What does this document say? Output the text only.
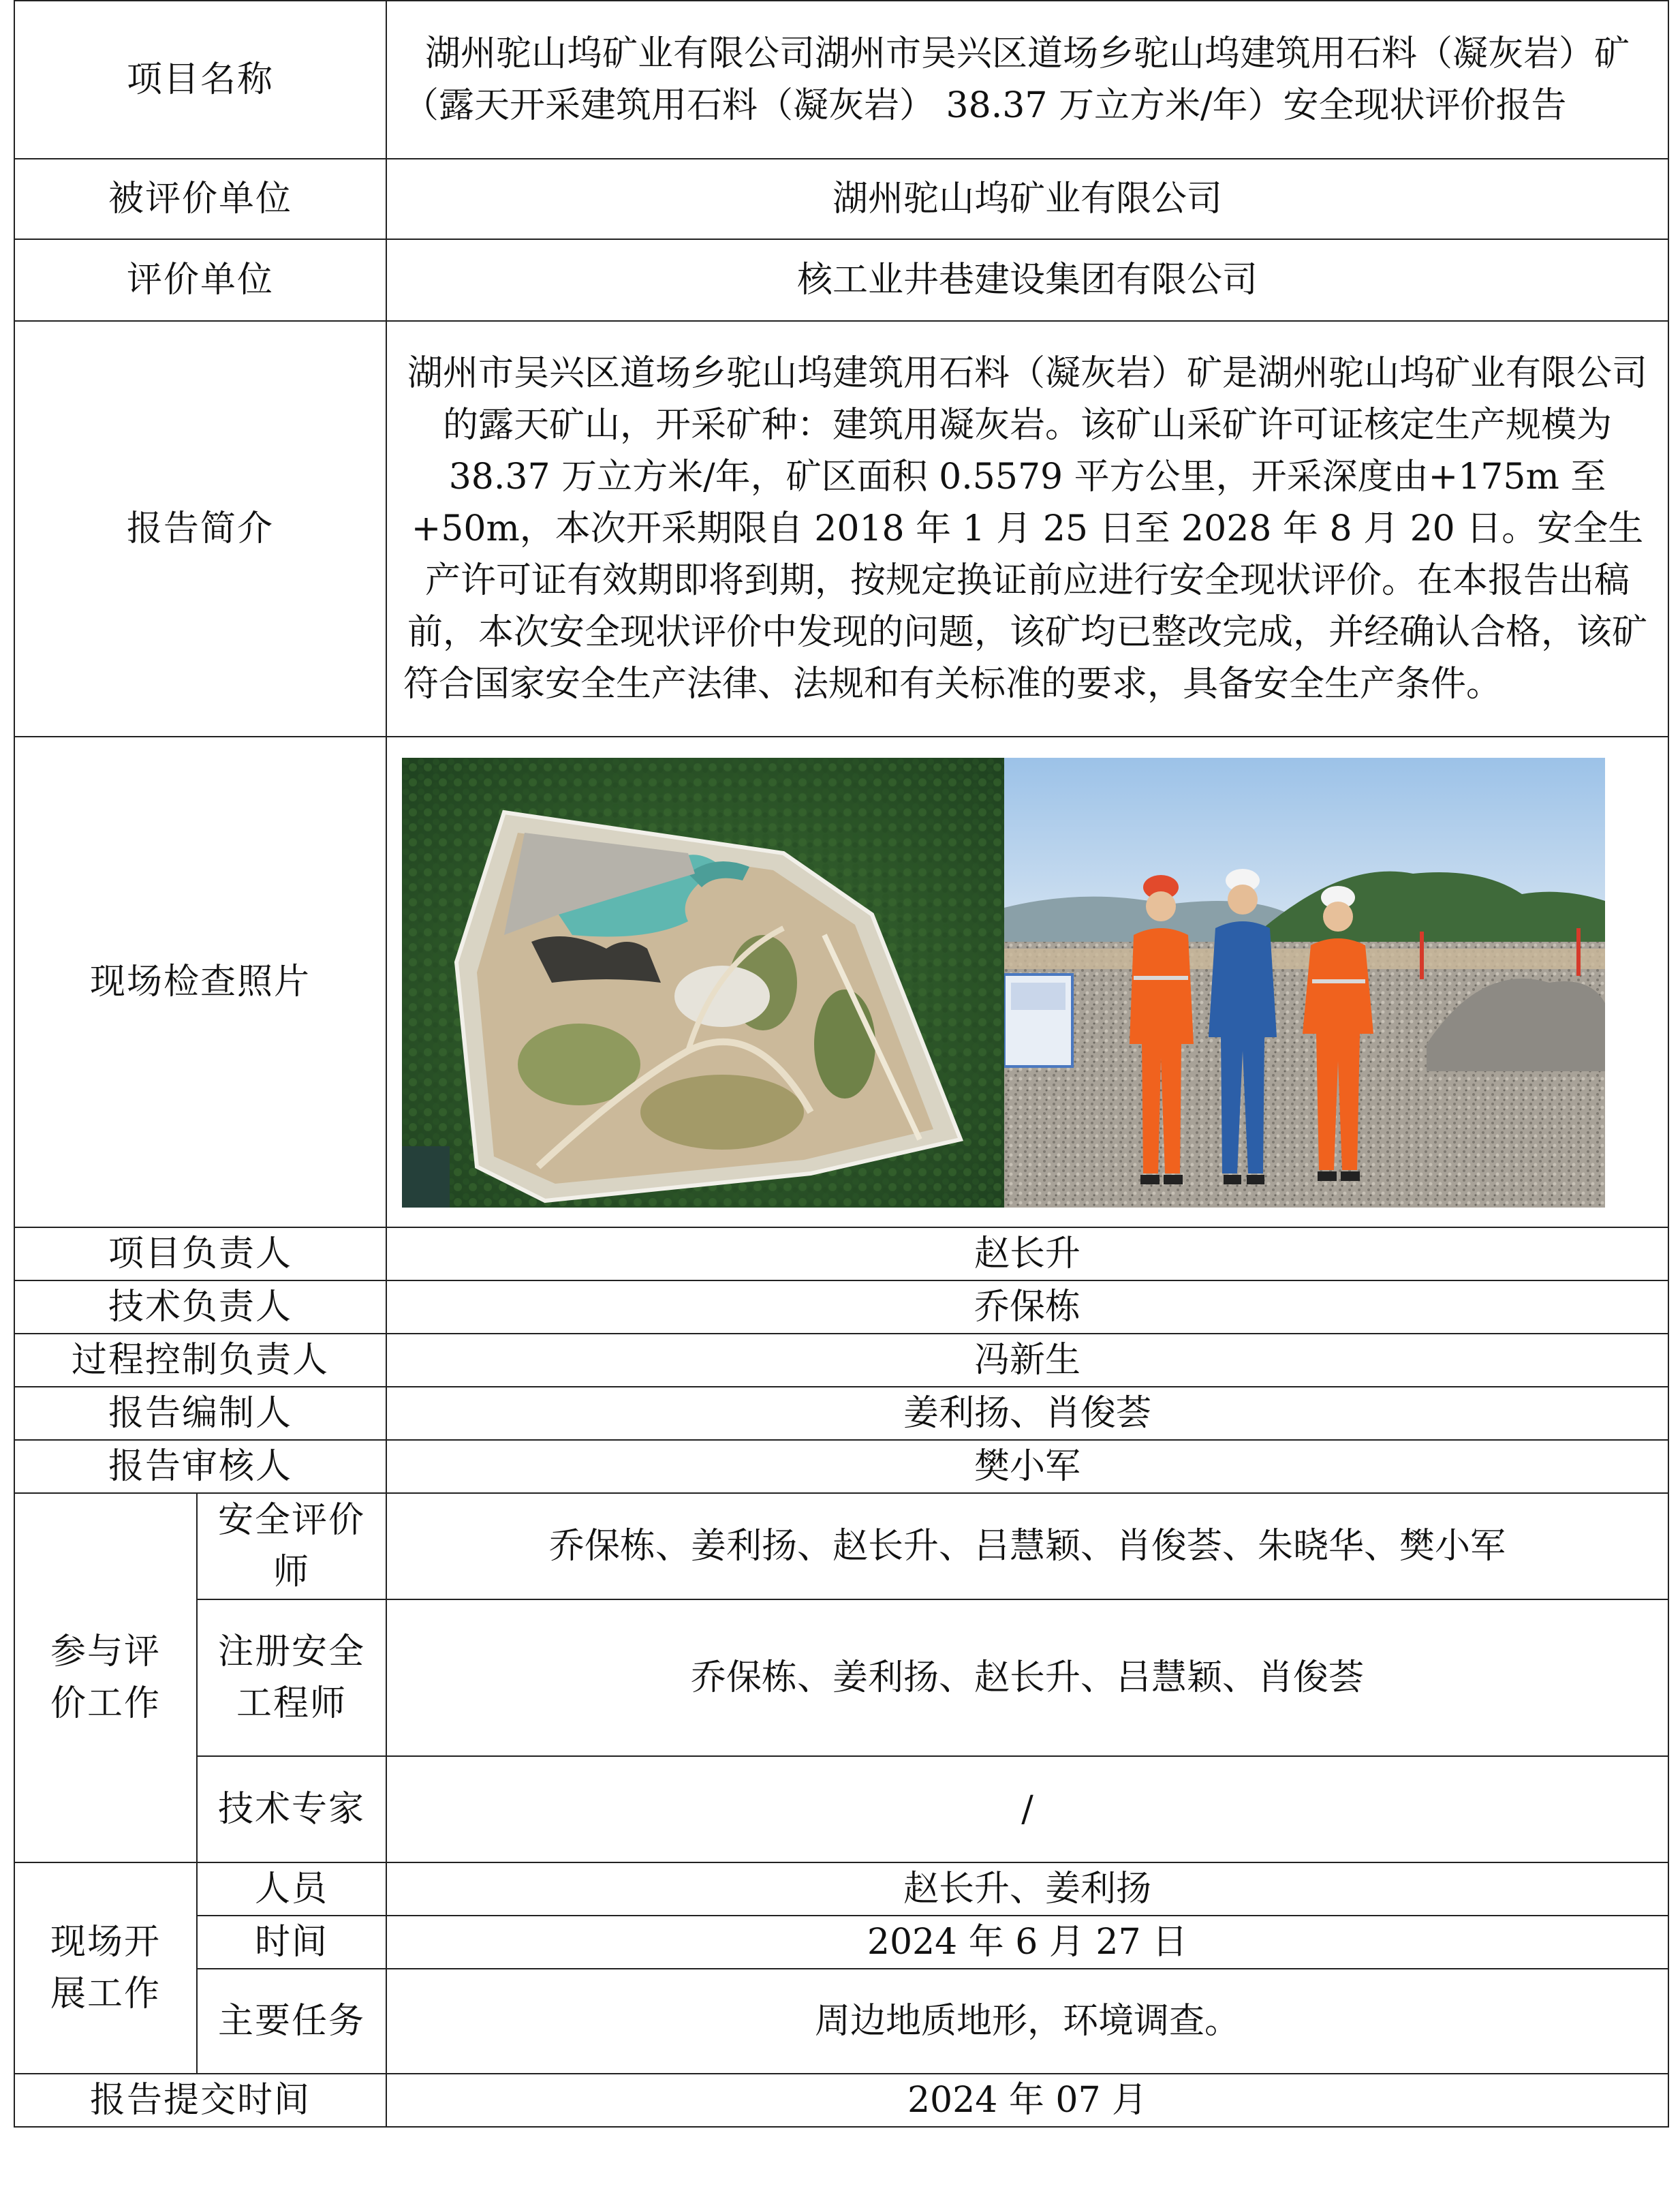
项目名称		湖州驼山坞矿业有限公司湖州市吴兴区道场乡驼山坞建筑用石料（凝灰岩）矿（露天开采建筑用石料（凝灰岩） 38.37 万立方米/年）安全现状评价报告
被评价单位		湖州驼山坞矿业有限公司
评价单位		核工业井巷建设集团有限公司
报告简介		湖州市吴兴区道场乡驼山坞建筑用石料（凝灰岩）矿是湖州驼山坞矿业有限公司的露天矿山，开采矿种：建筑用凝灰岩。该矿山采矿许可证核定生产规模为 38.37 万立方米/年，矿区面积 0.5579 平方公里，开采深度由+175m 至+50m，本次开采期限自 2018 年 1 月 25 日至 2028 年 8 月 20 日。安全生产许可证有效期即将到期，按规定换证前应进行安全现状评价。在本报告出稿前，本次安全现状评价中发现的问题，该矿均已整改完成，并经确认合格，该矿符合国家安全生产法律、法规和有关标准的要求，具备安全生产条件。
现场检查照片	

项目负责人		赵长升
技术负责人		乔保栋
过程控制负责人		冯新生
报告编制人		姜利扬、肖俊荟
报告审核人		樊小军
参与评价工作	安全评价师	乔保栋、姜利扬、赵长升、吕慧颖、肖俊荟、朱晓华、樊小军
	注册安全工程师	乔保栋、姜利扬、赵长升、吕慧颖、肖俊荟
	技术专家	/
现场开展工作	人员	赵长升、姜利扬
	时间	2024 年 6 月 27 日
	主要任务	周边地质地形，环境调查。
报告提交时间		2024 年 07 月
